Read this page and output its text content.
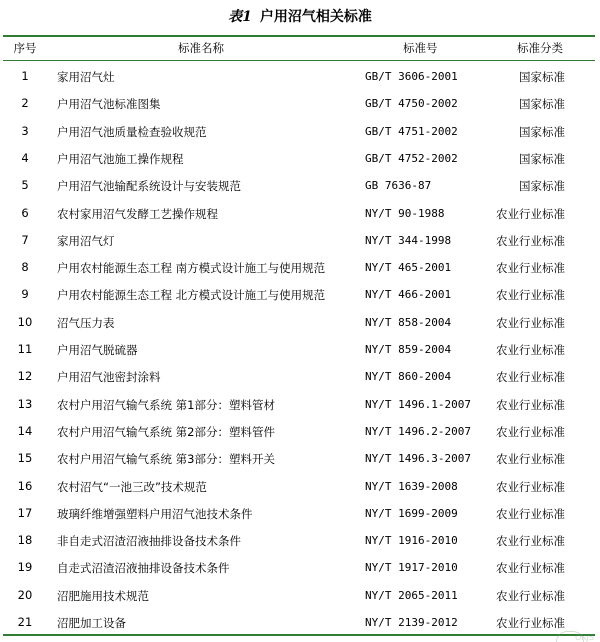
表1 户用沼气相关标准
序号	标准名称	标准号	标准分类
1	家用沼气灶	GB/T 3606-2001	国家标准
2	户用沼气池标准图集	GB/T 4750-2002	国家标准
3	户用沼气池质量检查验收规范	GB/T 4751-2002	国家标准
4	户用沼气池施工操作规程	GB/T 4752-2002	国家标准
5	户用沼气池输配系统设计与安装规范	GB 7636-87	国家标准
6	农村家用沼气发酵工艺操作规程	NY/T 90-1988	农业行业标准
7	家用沼气灯	NY/T 344-1998	农业行业标准
8	户用农村能源生态工程 南方模式设计施工与使用规范	NY/T 465-2001	农业行业标准
9	户用农村能源生态工程 北方模式设计施工与使用规范	NY/T 466-2001	农业行业标准
10	沼气压力表	NY/T 858-2004	农业行业标准
11	户用沼气脱硫器	NY/T 859-2004	农业行业标准
12	户用沼气池密封涂料	NY/T 860-2004	农业行业标准
13	农村户用沼气输气系统 第1部分：塑料管材	NY/T 1496.1-2007 农业行业标准
14	农村户用沼气输气系统 第2部分：塑料管件	NY/T 1496.2-2007 农业行业标准
15	农村户用沼气输气系统 第3部分：塑料开关	NY/T 1496.3-2007 农业行业标准
16	农村沼气“一池三改”技术规范	NY/T 1639-2008	农业行业标准
17	玻璃纤维增强塑料户用沼气池技术条件	NY/T 1699-2009	农业行业标准
18	非自走式沼渣沼液抽排设备技术条件	NY/T 1916-2010	农业行业标准
19	自走式沼渣沼液抽排设备技术条件	NY/T 1917-2010	农业行业标准
20	沼肥施用技术规范	NY/T 2065-2011	农业行业标准
21	沼肥加工设备	NY/T 2139-2012	农业行业标准
OKJS
